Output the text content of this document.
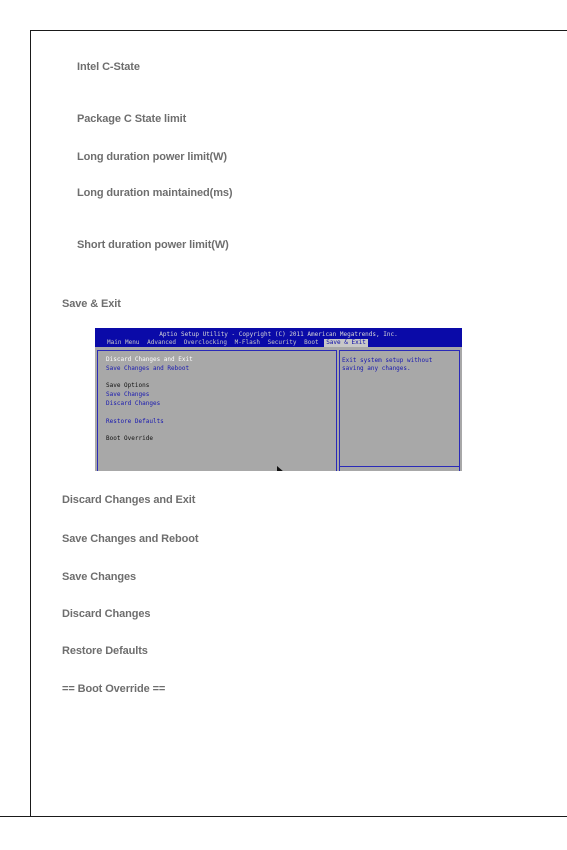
Intel C-State
Package C State limit
Long duration power limit(W)
Long duration maintained(ms)
Short duration power limit(W)
Save & Exit
Aptio Setup Utility - Copyright (C) 2011 American Megatrends, Inc.
Main Menu Advanced Overclocking M-Flash Security Boot Save & Exit
Discard Changes and Exit
Save Changes and Reboot
Save Options
Save Changes
Discard Changes
Restore Defaults
Boot Override
Exit system setup without
saving any changes.
Discard Changes and Exit
Save Changes and Reboot
Save Changes
Discard Changes
Restore Defaults
== Boot Override ==
